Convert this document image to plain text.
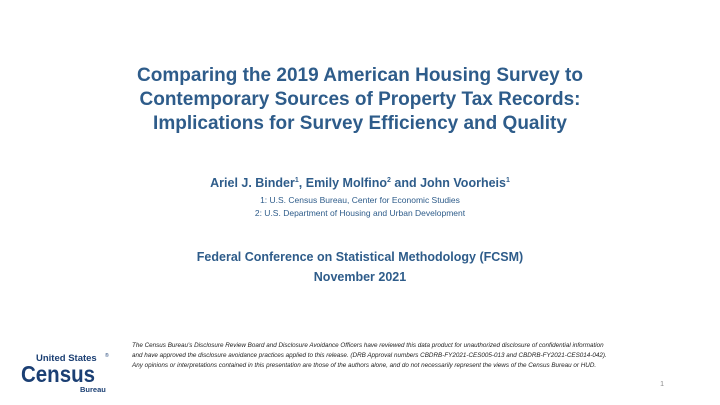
Comparing the 2019 American Housing Survey to
Contemporary Sources of Property Tax Records:
Implications for Survey Efficiency and Quality
Ariel J. Binder$^1$, Emily Molfino$^2$ and John Voorheis$^1$
1: U.S. Census Bureau, Center for Economic Studies
2: U.S. Department of Housing and Urban Development
Federal Conference on Statistical Methodology (FCSM)
November 2021
The Census Bureau's Disclosure Review Board and Disclosure Avoidance Officers have reviewed this data product for unauthorized disclosure of confidential information and have approved the disclosure avoidance practices applied to this release. (DRB Approval numbers CBDRB-FY2021-CES005-013 and CBDRB-FY2021-CES014-042). Any opinions or interpretations contained in this presentation are those of the authors alone, and do not necessarily represent the views of the Census Bureau or HUD.
United States ®
Census
Bureau
1
